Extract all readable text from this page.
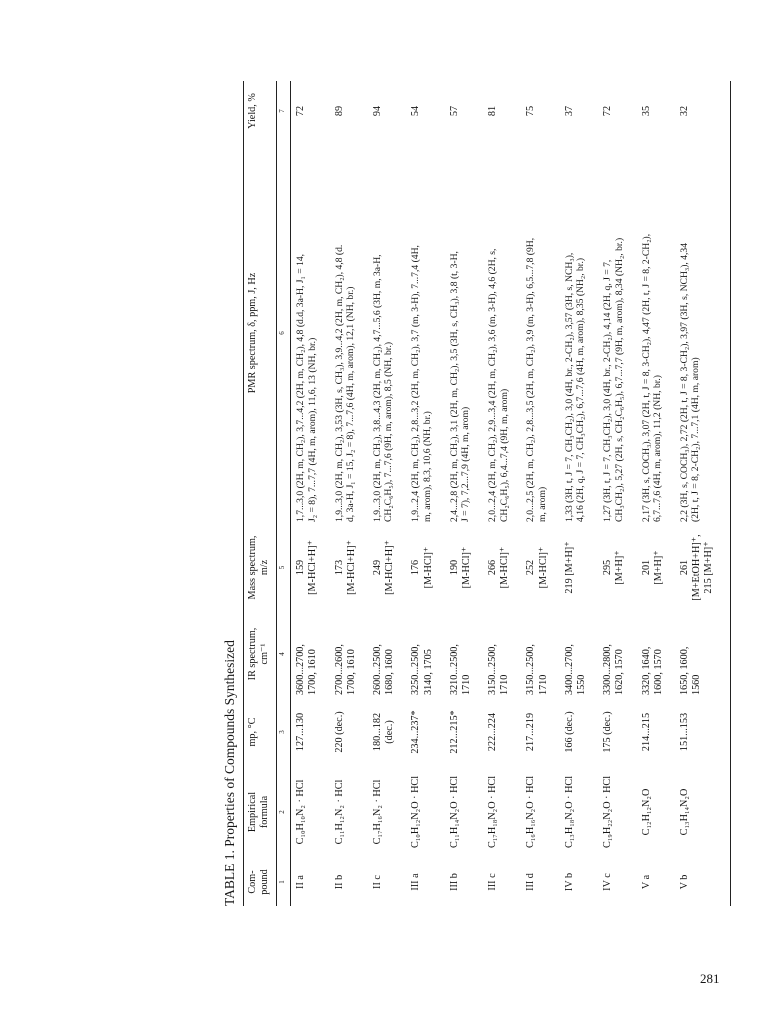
TABLE 1. Properties of Compounds Synthesized Com-
pound	Empirical
formula	mp, °C	IR spectrum,
cm⁻¹	Mass spectrum,
m/z	PMR spectrum, δ, ppm, J, Hz	Yield, %
1	2	3	4	5	6	7
II a	C₁₀H₁₀N₂ · HCl	127...130	3600...2700,
1700, 1610	159
[M-HCl+H]⁺	1,7...3,0 (2H, m, CH₂), 3,7...4,2 (2H, m, CH₂), 4,8 (d.d, 3a-H, J₁ = 14,
J₂ = 8), 7...7,7 (4H, m, arom), 11,6, 13 (NH, br.)	72
II b	C₁₁H₁₂N₂ · HCl	220 (dec.)	2700...2600,
1700, 1610	173
[M-HCl+H]⁺	1,9...3,0 (2H, m, CH₂), 3,53 (3H, s, CH₃), 3,9...4,2 (2H, m, CH₂), 4,8 (d.
d, 3a-H, J₁ = 15, J₂ = 8), 7...7,6 (4H, m, arom), 12,1 (NH, br.)	89
II c	C₁₇H₁₆N₂ · HCl	180...182
(dec.)	2600...2500,
1680, 1600	249
[M-HCl+H]⁺	1,9...3,0 (2H, m, CH₂), 3,8...4,3 (2H, m, CH₂), 4,7...5,6 (3H, m, 3a-H,
CH₂C₆H₅), 7...7,6 (9H, m, arom), 8,5 (NH, br.)	94
III a	C₁₀H₁₂N₂O · HCl	234...237*	3250...2500,
3140, 1705	176
[M-HCl]⁺	1,9...2,4 (2H, m, CH₂), 2,8...3,2 (2H, m, CH₂), 3,7 (m, 3-H), 7...7,4 (4H,
m, arom), 8,3, 10,6 (NH, br.)	54
III b	C₁₁H₁₄N₂O · HCl	212...215*	3210...2500,
1710	190
[M-HCl]⁺	2,4...2,8 (2H, m, CH₂), 3,1 (2H, m, CH₂), 3,5 (3H, s, CH₃), 3,8 (t, 3-H,
J = 7), 7,2...7,9 (4H, m, arom)	57
III c	C₁₇H₁₈N₂O · HCl	222...224	3150...2500,
1710	266
[M-HCl]⁺	2,0...2,4 (2H, m, CH₂), 2,9...3,4 (2H, m, CH₂), 3,6 (m, 3-H), 4,6 (2H, s,
CH₂C₆H₅), 6,4...7,4 (9H, m, arom)	81
III d	C₁₆H₁₆N₂O · HCl	217...219	3150...2500,
1710	252
[M-HCl]⁺	2,0...2,5 (2H, m, CH₂), 2,8...3,5 (2H, m, CH₂), 3,9 (m, 3-H), 6,5...7,8 (9H,
m, arom)	75
IV b	C₁₃H₁₈N₂O · HCl	166 (dec.)	3400...2700,
1550	219 [M+H]⁺	1,33 (3H, t, J = 7, CH₃CH₂), 3,0 (4H, br., 2-CH₂), 3,57 (3H, s, NCH₃),
4,16 (2H, q, J = 7, CH₃CH₂), 6,7...7,6 (4H, m, arom), 8,35 (NH₂, br.)	37
IV c	C₁₉H₂₂N₂O · HCl	175 (dec.)	3300...2800,
1620, 1570	295
[M+H]⁺	1,27 (3H, t, J = 7, CH₃CH₂), 3,0 (4H, br., 2-CH₂), 4,14 (2H, q, J = 7,
CH₃CH₂), 5,27 (2H, s, CH₂C₆H₅), 6,7...7,7 (9H, m, arom), 8,34 (NH₂, br.)	72
V a	C₁₂H₁₂N₂O	214...215	3320, 1640,
1600, 1570	201
[M+H]⁺	2,17 (3H, s, COCH₃), 3,07 (2H, t, J = 8, 3-CH₂), 4,47 (2H, t, J = 8, 2-CH₂),
6,7...7,6 (4H, m, arom), 11,2 (NH, br.)	35
V b	C₁₃H₁₄N₂O	151...153	1650, 1600,
1560	261
[M+EtOH+H]⁺,
215 [M+H]⁺	2,2 (3H, s, COCH₃), 2,72 (2H, t, J = 8, 3-CH₂), 3,97 (3H, s, NCH₃), 4,34
(2H, t, J = 8, 2-CH₂), 7...7,1 (4H, m, arom)	32
281
